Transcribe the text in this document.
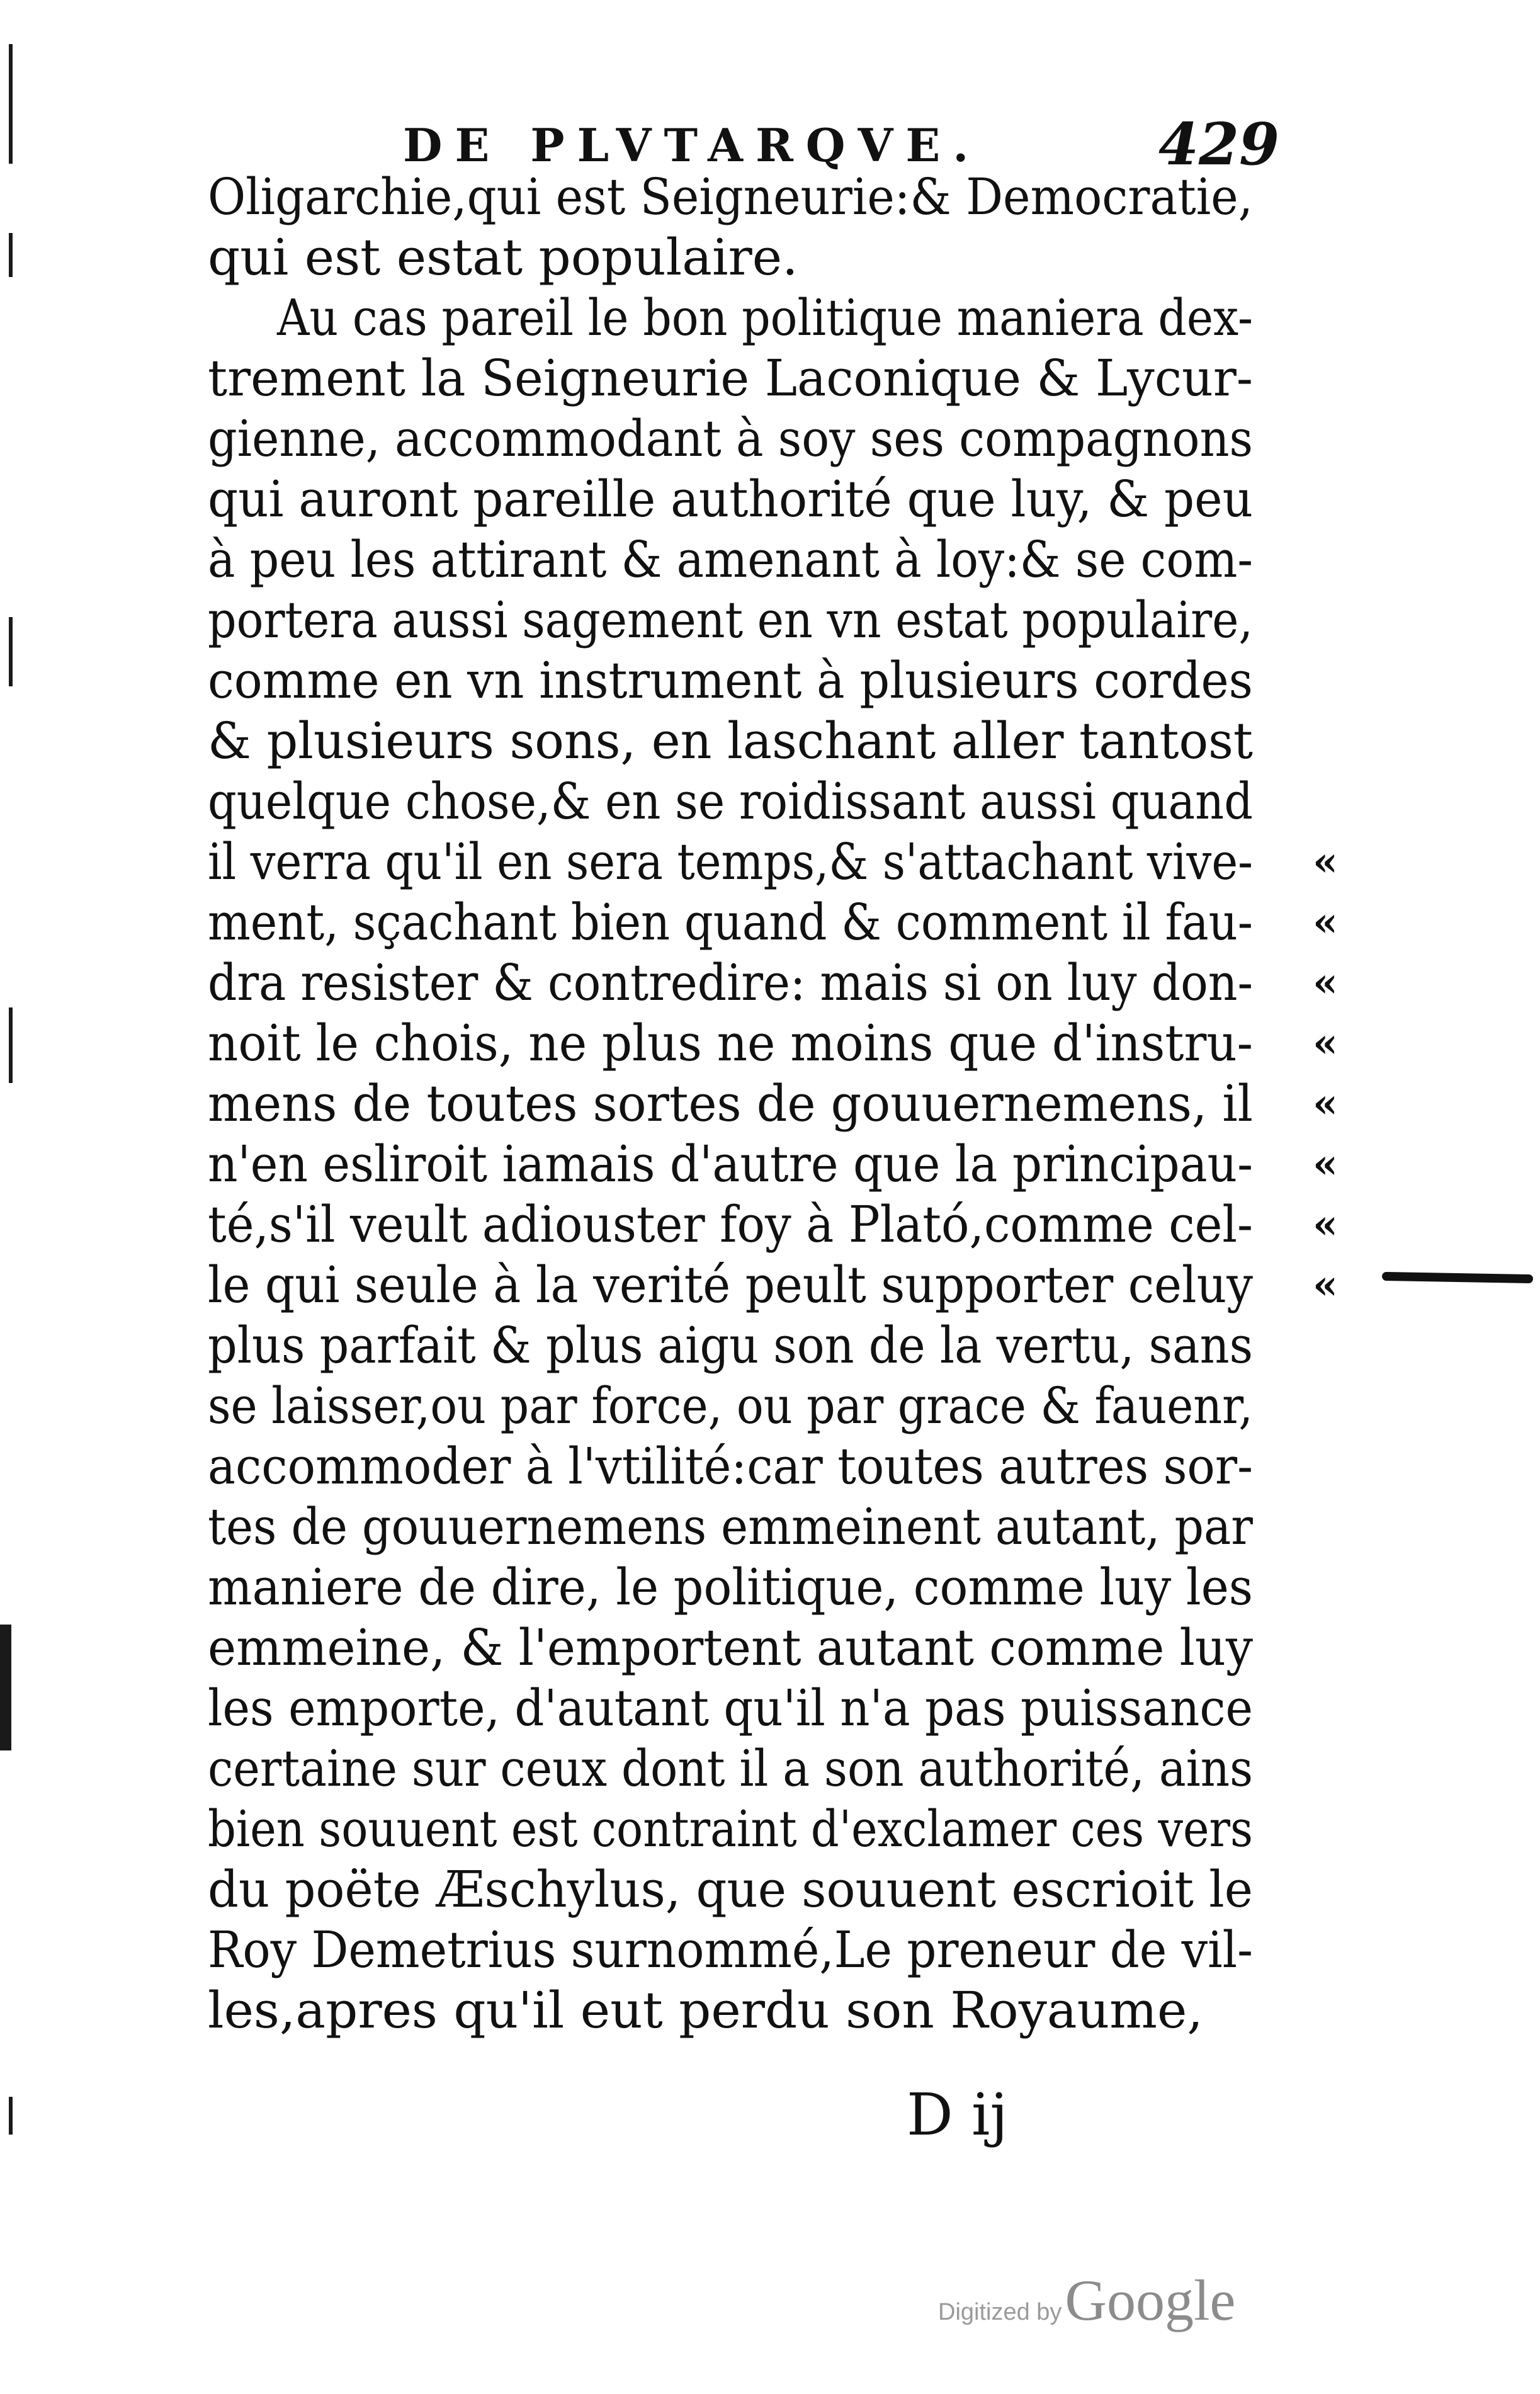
DE PLVTARQVE.	429
Oligarchie,qui est Seigneurie:& Democratie,
qui est estat populaire.
Au cas pareil le bon politique maniera dex-
trement la Seigneurie Laconique & Lycur-
gienne, accommodant à soy ses compagnons
qui auront pareille authorité que luy, & peu
à peu les attirant & amenant à loy:& se com-
portera aussi sagement en vn estat populaire,
comme en vn instrument à plusieurs cordes
& plusieurs sons, en laschant aller tantost
quelque chose,& en se roidissant aussi quand
il verra qu'il en sera temps,& s'attachant vive- «
ment, sçachant bien quand & comment il fau- «
dra resister & contredire: mais si on luy don- «
noit le chois, ne plus ne moins que d'instru- «
mens de toutes sortes de gouuernemens, il «
n'en esliroit iamais d'autre que la principau- «
té,s'il veult adiouster foy à Plató,comme cel- «
le qui seule à la verité peult supporter celuy «
plus parfait & plus aigu son de la vertu, sans
se laisser,ou par force, ou par grace & fauenr,
accommoder à l'vtilité:car toutes autres sor-
tes de gouuernemens emmeinent autant, par
maniere de dire, le politique, comme luy les
emmeine, & l'emportent autant comme luy
les emporte, d'autant qu'il n'a pas puissance
certaine sur ceux dont il a son authorité, ains
bien souuent est contraint d'exclamer ces vers
du poëte Æschylus, que souuent escrioit le
Roy Demetrius surnommé,Le preneur de vil-
les,apres qu'il eut perdu son Royaume,
D ij
Digitized by Google
